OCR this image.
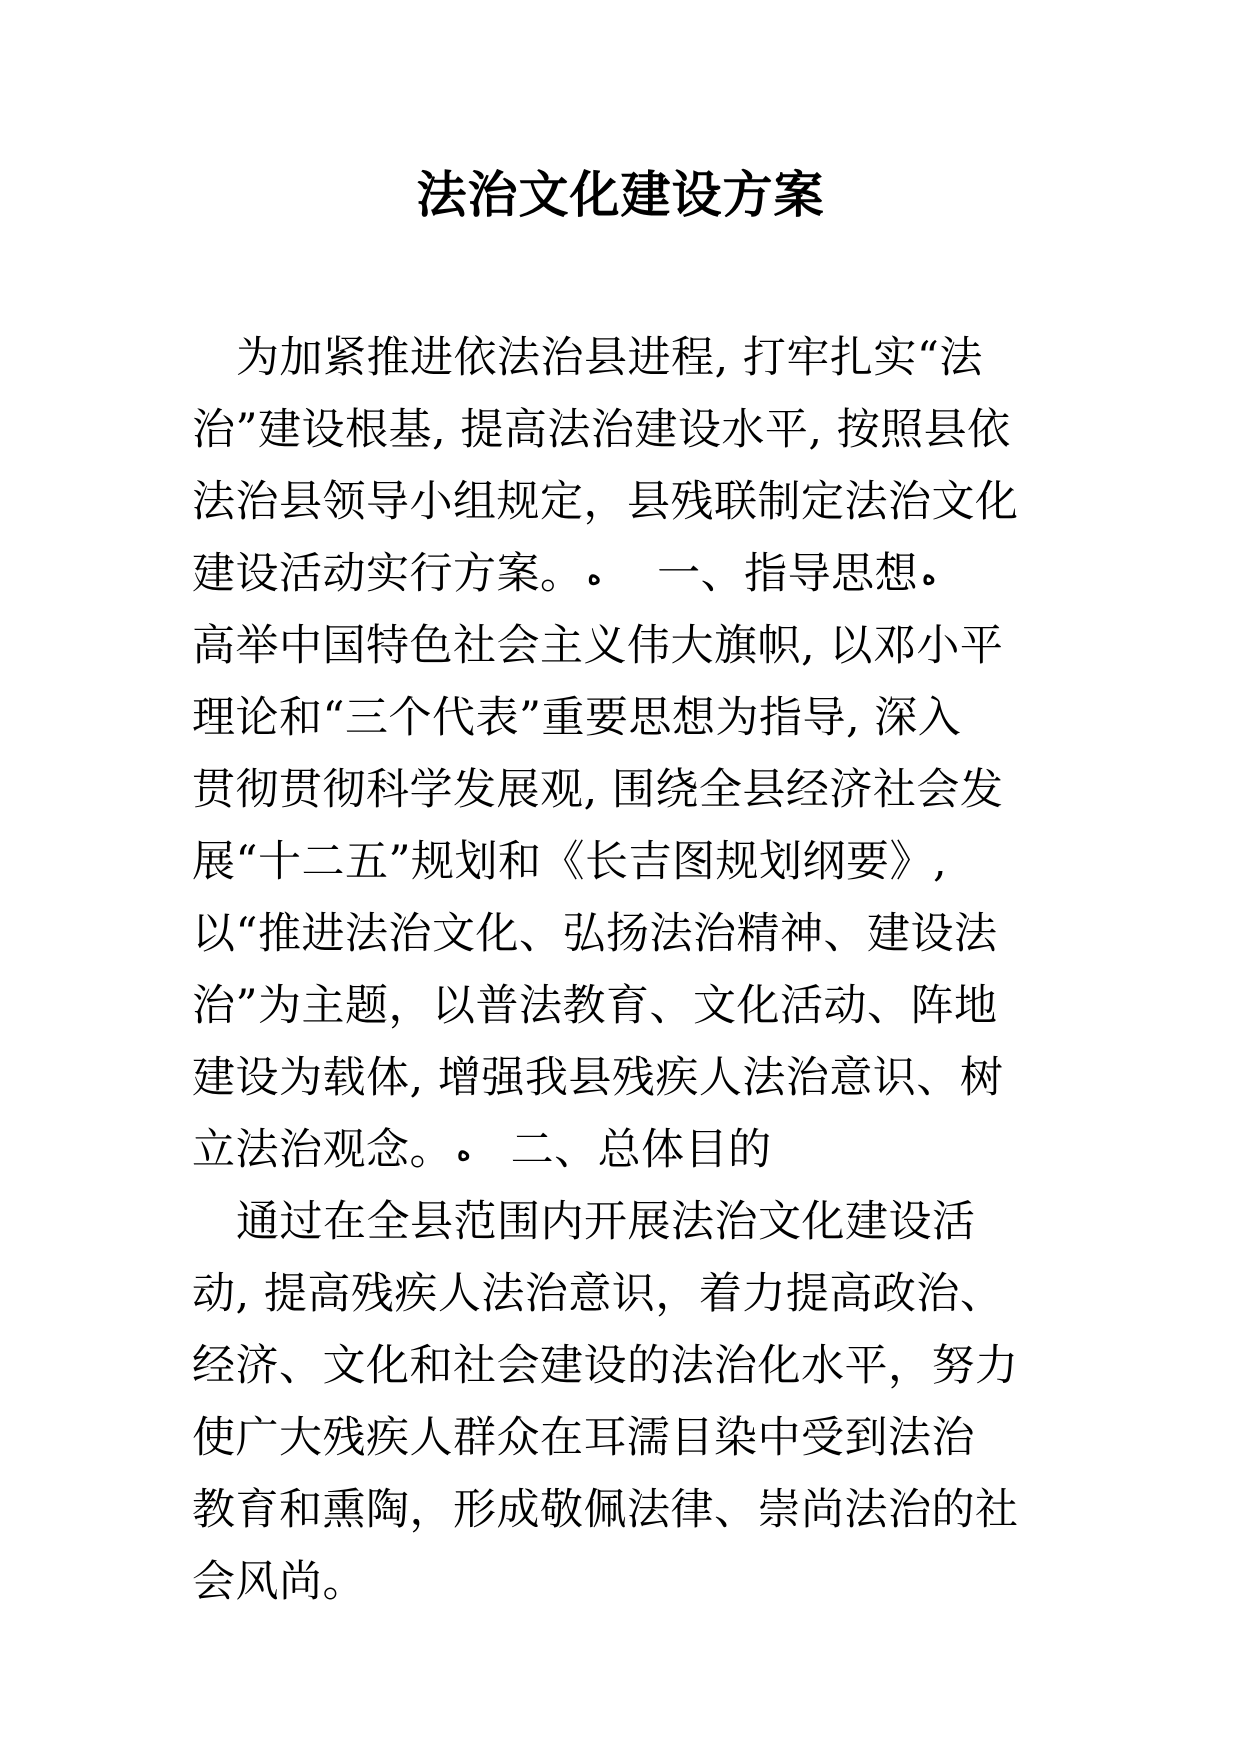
法治文化建设方案
为加紧推进依法治县进程, 打牢扎实“法
治”建设根基, 提高法治建设水平, 按照县依
法治县领导小组规定，县残联制定法治文化
建设活动实行方案。 ه 一、指导思想 ه
高举中国特色社会主义伟大旗帜, 以邓小平
理论和“三个代表”重要思想为指导, 深入
贯彻贯彻科学发展观, 围绕全县经济社会发
展“十二五”规划和《长吉图规划纲要》,
以“推进法治文化、弘扬法治精神、建设法
治”为主题，以普法教育、文化活动、阵地
建设为载体, 增强我县残疾人法治意识、树
立法治观念。 ه 二、总体目的
通过在全县范围内开展法治文化建设活
动, 提高残疾人法治意识，着力提高政治、
经济、文化和社会建设的法治化水平，努力
使广大残疾人群众在耳濡目染中受到法治
教育和熏陶，形成敬佩法律、崇尚法治的社
会风尚。
